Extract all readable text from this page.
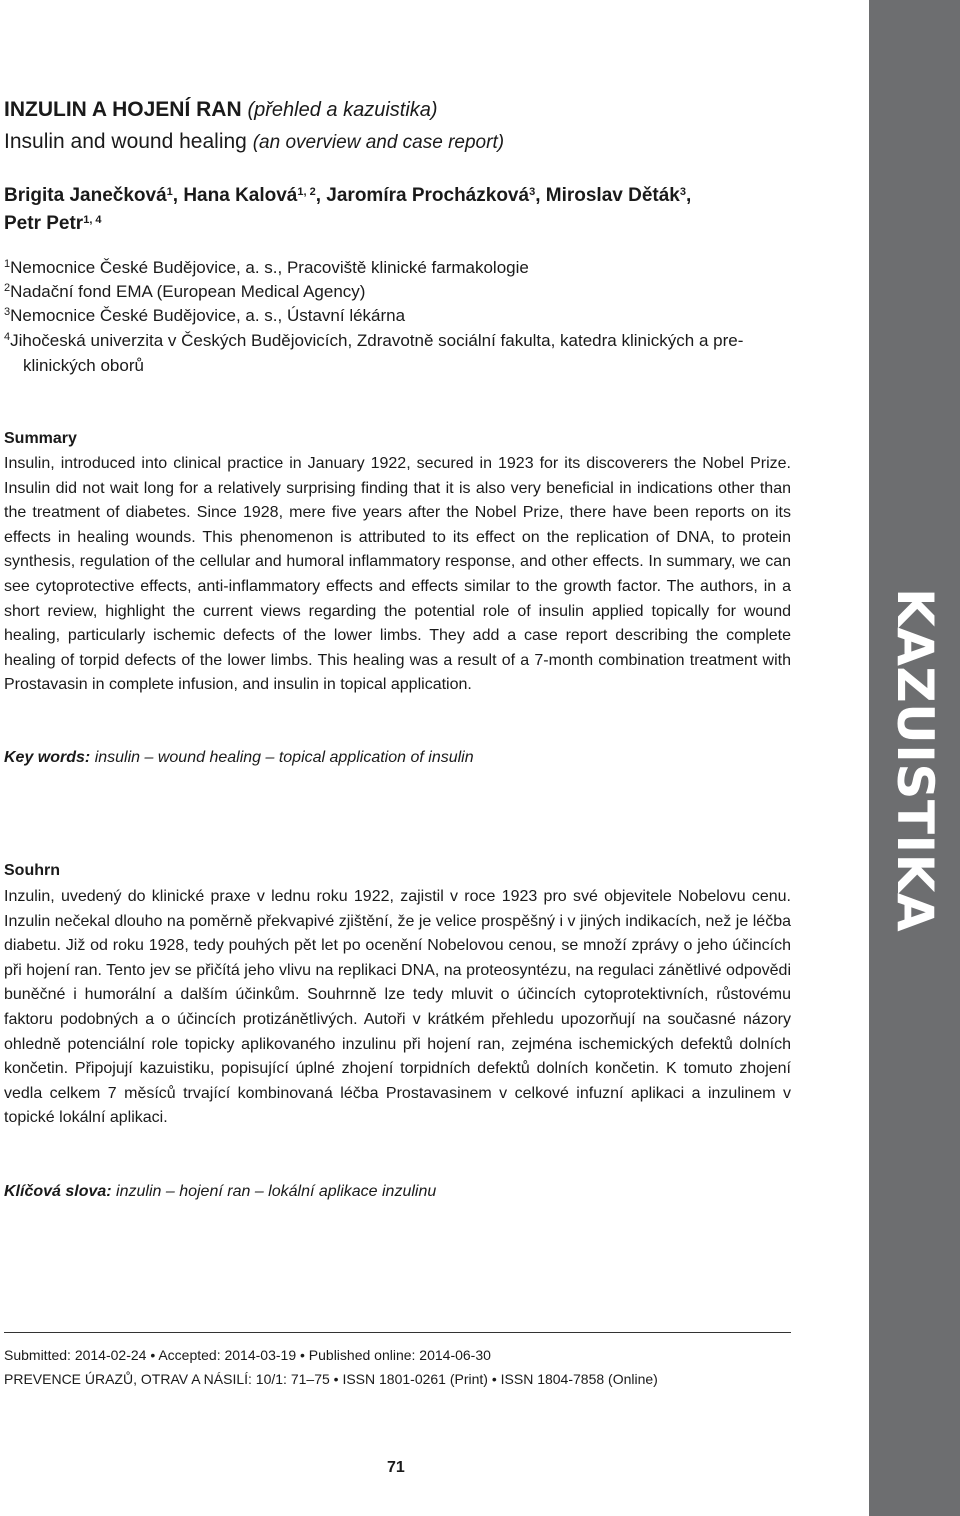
KAZUISTIKA
INZULIN A HOJENÍ RAN (přehled a kazuistika)
Insulin and wound healing (an overview and case report)
Brigita Janečková$^1$, Hana Kalová$^{1, 2}$, Jaromíra Procházková$^3$, Miroslav Děták$^3$,
Petr Petr$^{1, 4}$
$^1$Nemocnice České Budějovice, a. s., Pracoviště klinické farmakologie
$^2$Nadační fond EMA (European Medical Agency)
$^3$Nemocnice České Budějovice, a. s., Ústavní lékárna
$^4$Jihočeská univerzita v Českých Budějovicích, Zdravotně sociální fakulta, katedra klinických a pre-
klinických oborů
Summary

Insulin, introduced into clinical practice in January 1922, secured in 1923 for its discoverers the Nobel Prize. Insulin did not wait long for a relatively surprising finding that it is also very beneficial in indications other than the treatment of diabetes. Since 1928, mere five years after the Nobel Prize, there have been reports on its effects in healing wounds. This phenomenon is attributed to its effect on the replication of DNA, to protein synthesis, regulation of the cellular and humoral inflammatory response, and other effects. In summary, we can see cytoprotective effects, anti-inflammatory effects and effects similar to the growth factor. The authors, in a short review, highlight the current views regarding the potential role of insulin applied topically for wound healing, particularly ischemic defects of the lower limbs. They add a case report describing the complete healing of torpid defects of the lower limbs. This healing was a result of a 7-month combination treatment with Prostavasin in complete infusion, and insulin in topical application.

Key words: insulin – wound healing – topical application of insulin
Souhrn

Inzulin, uvedený do klinické praxe v lednu roku 1922, zajistil v roce 1923 pro své objevitele Nobelovu cenu. Inzulin nečekal dlouho na poměrně překvapivé zjištění, že je velice prospěšný i v jiných indikacích, než je léčba diabetu. Již od roku 1928, tedy pouhých pět let po ocenění Nobelovou cenou, se množí zprávy o jeho účincích při hojení ran. Tento jev se přičítá jeho vlivu na replikaci DNA, na proteosyntézu, na regulaci zánětlivé odpovědi buněčné i humorální a dalším účinkům. Souhrnně lze tedy mluvit o účincích cytoprotektivních, růstovému faktoru podobných a o účincích protizánětlivých. Autoři v krátkém přehledu upozorňují na současné názory ohledně potenciální role topicky aplikovaného inzulinu při hojení ran, zejména ischemických defektů dolních končetin. Připojují kazuistiku, popisující úplné zhojení torpidních defektů dolních končetin. K tomuto zhojení vedla celkem 7 měsíců trvající kombinovaná léčba Prostavasinem v celkové infuzní aplikaci a inzulinem v topické lokální aplikaci.

Klíčová slova: inzulin – hojení ran – lokální aplikace inzulinu
Submitted: 2014-02-24 • Accepted: 2014-03-19 • Published online: 2014-06-30
PREVENCE ÚRAZŮ, OTRAV A NÁSILÍ: 10/1: 71–75 • ISSN 1801-0261 (Print) • ISSN 1804-7858 (Online)
71
